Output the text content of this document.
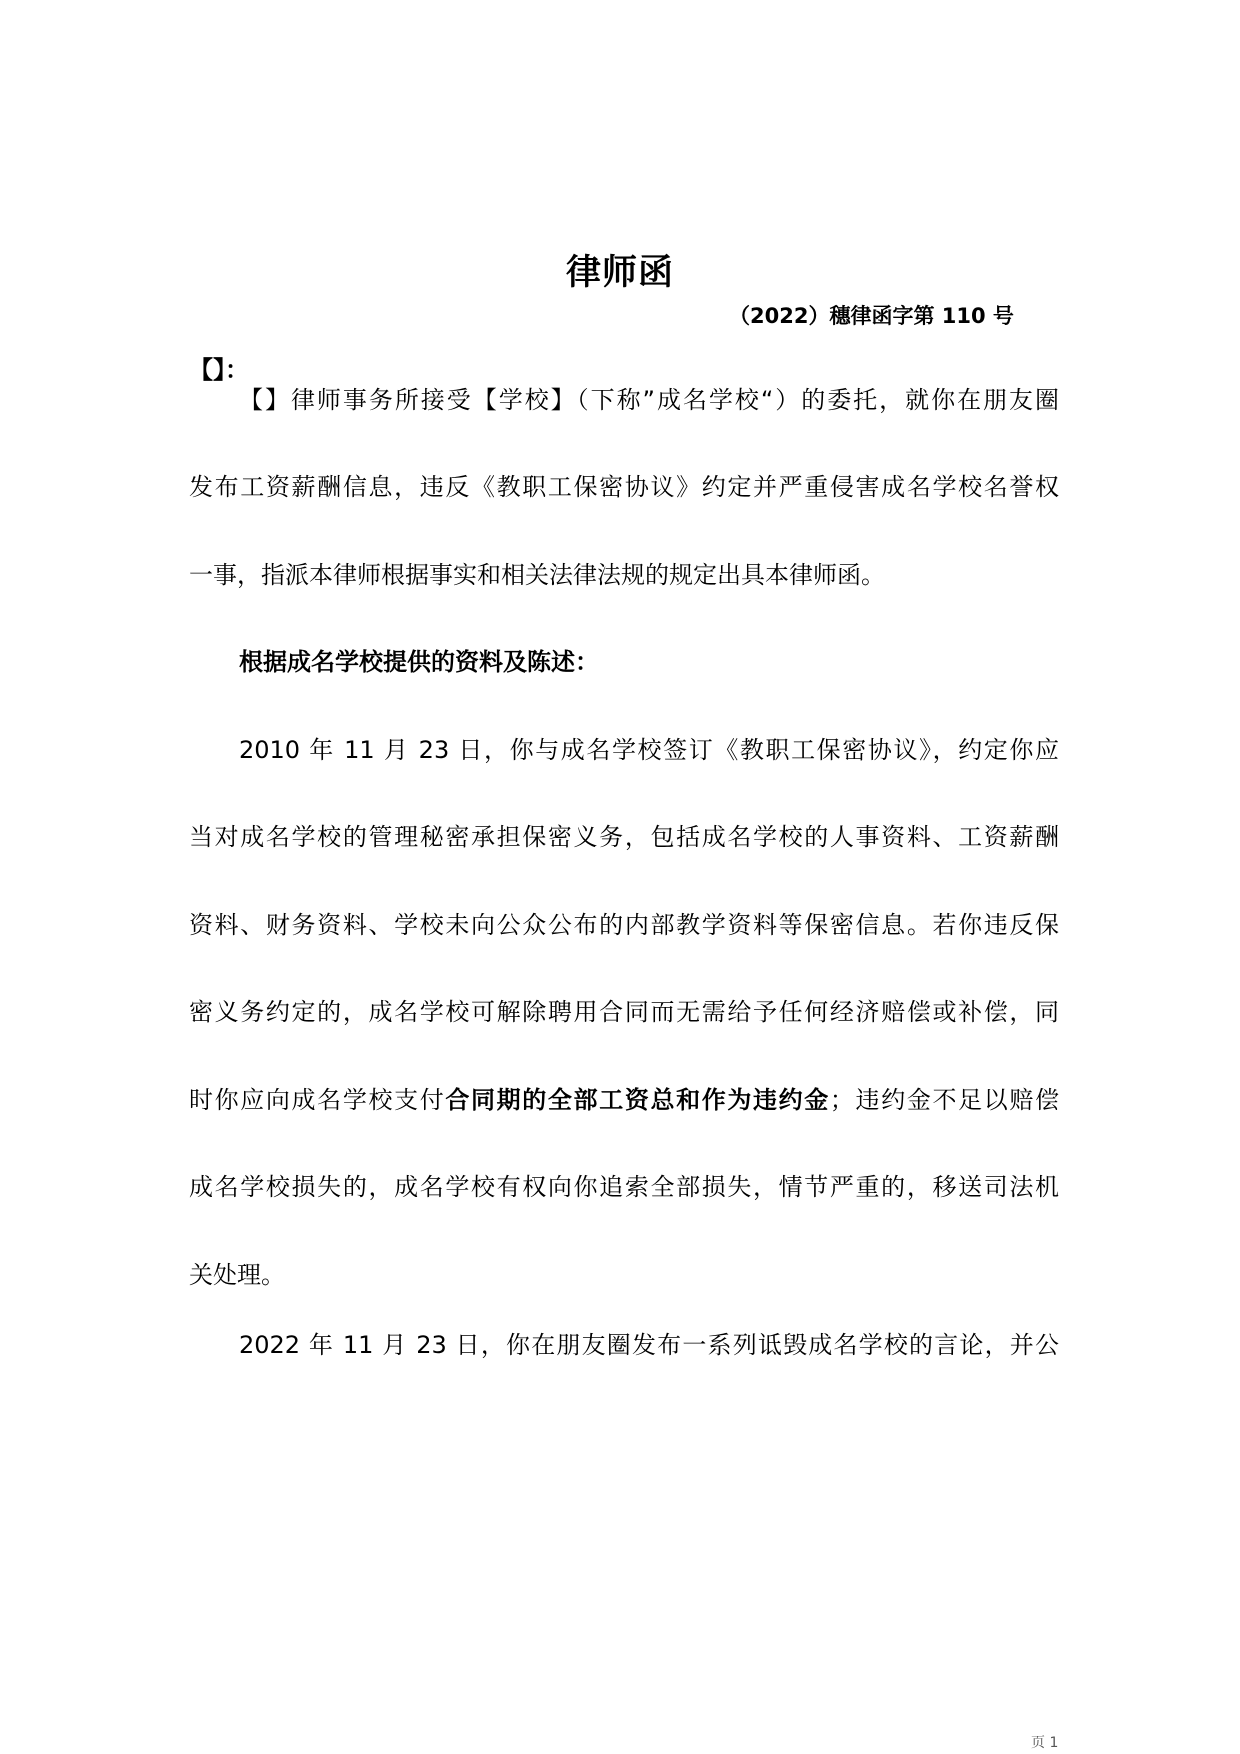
律师函
（2022）穗律函字第 110 号
【】：
【】律师事务所接受【学校】（下称”成名学校“）的委托，就你在朋友圈
发布工资薪酬信息，违反《教职工保密协议》约定并严重侵害成名学校名誉权
一事，指派本律师根据事实和相关法律法规的规定出具本律师函。
根据成名学校提供的资料及陈述：
2010 年 11 月 23 日，你与成名学校签订《教职工保密协议》，约定你应
当对成名学校的管理秘密承担保密义务，包括成名学校的人事资料、工资薪酬
资料、财务资料、学校未向公众公布的内部教学资料等保密信息。若你违反保
密义务约定的，成名学校可解除聘用合同而无需给予任何经济赔偿或补偿，同
时你应向成名学校支付合同期的全部工资总和作为违约金；违约金不足以赔偿
成名学校损失的，成名学校有权向你追索全部损失，情节严重的，移送司法机
关处理。
2022 年 11 月 23 日，你在朋友圈发布一系列诋毁成名学校的言论，并公
页 1
